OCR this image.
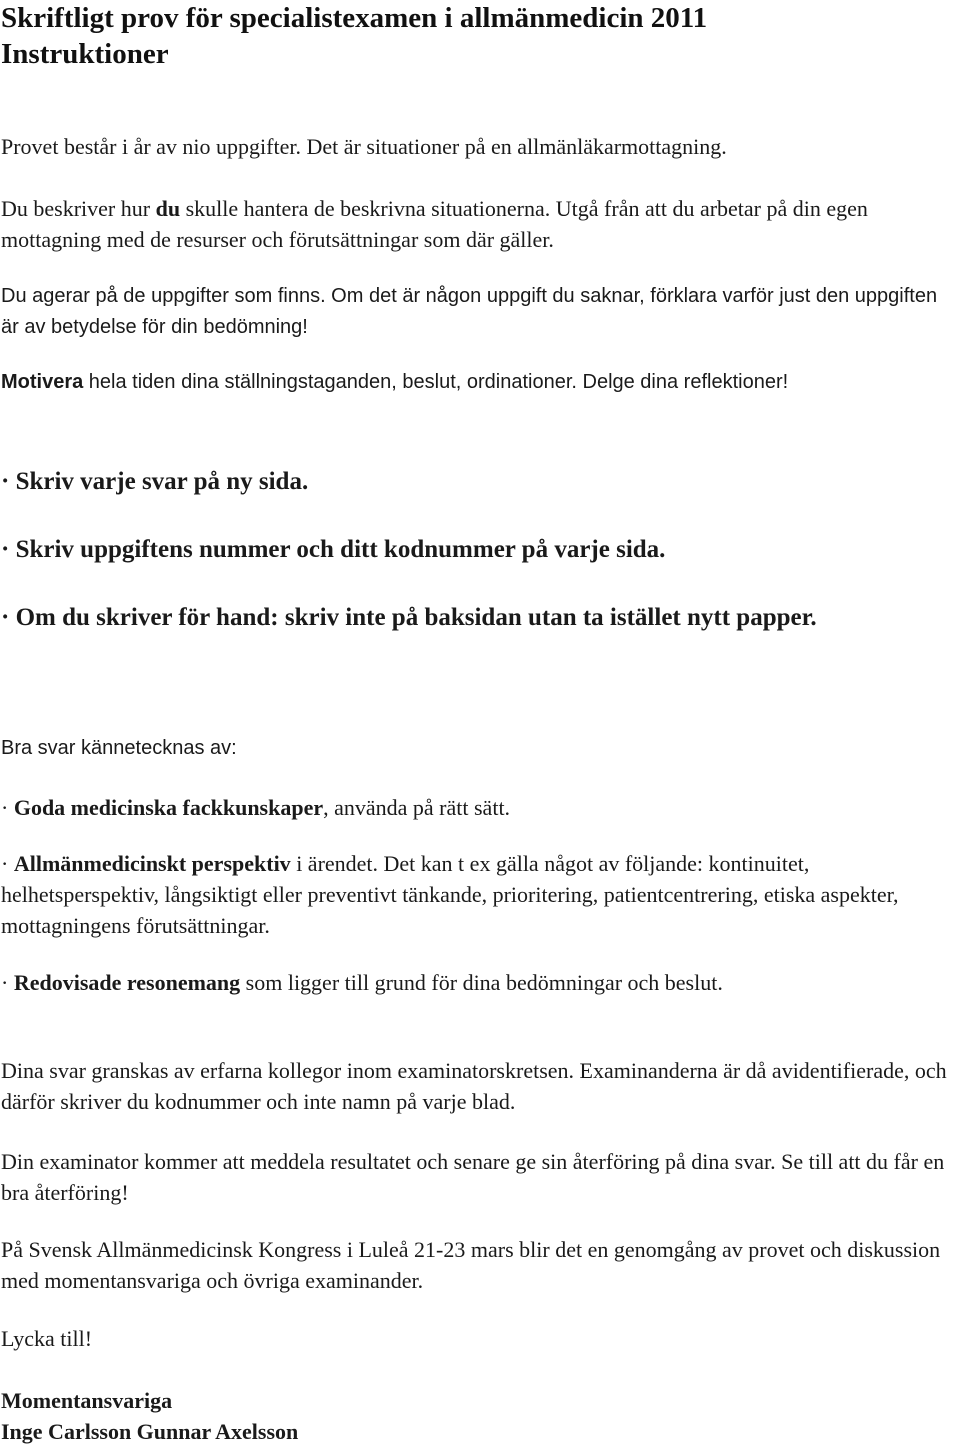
Skriftligt prov för specialistexamen i allmänmedicin 2011
Instruktioner

Provet består i år av nio uppgifter. Det är situationer på en allmänläkarmottagning.

Du beskriver hur du skulle hantera de beskrivna situationerna. Utgå från att du arbetar på din egen mottagning med de resurser och förutsättningar som där gäller.

Du agerar på de uppgifter som finns. Om det är någon uppgift du saknar, förklara varför just den uppgiften är av betydelse för din bedömning!

Motivera hela tiden dina ställningstaganden, beslut, ordinationer. Delge dina reflektioner!

· Skriv varje svar på ny sida.

· Skriv uppgiftens nummer och ditt kodnummer på varje sida.

· Om du skriver för hand: skriv inte på baksidan utan ta istället nytt papper.

Bra svar kännetecknas av:

· Goda medicinska fackkunskaper, använda på rätt sätt.

· Allmänmedicinskt perspektiv i ärendet. Det kan t ex gälla något av följande: kontinuitet, helhetsperspektiv, långsiktigt eller preventivt tänkande, prioritering, patientcentrering, etiska aspekter, mottagningens förutsättningar.

· Redovisade resonemang som ligger till grund för dina bedömningar och beslut.

Dina svar granskas av erfarna kollegor inom examinatorskretsen. Examinanderna är då avidentifierade, och därför skriver du kodnummer och inte namn på varje blad.

Din examinator kommer att meddela resultatet och senare ge sin återföring på dina svar. Se till att du får en bra återföring!

På Svensk Allmänmedicinsk Kongress i Luleå 21-23 mars blir det en genomgång av provet och diskussion med momentansvariga och övriga examinander.

Lycka till!

Momentansvariga
Inge Carlsson Gunnar Axelsson
